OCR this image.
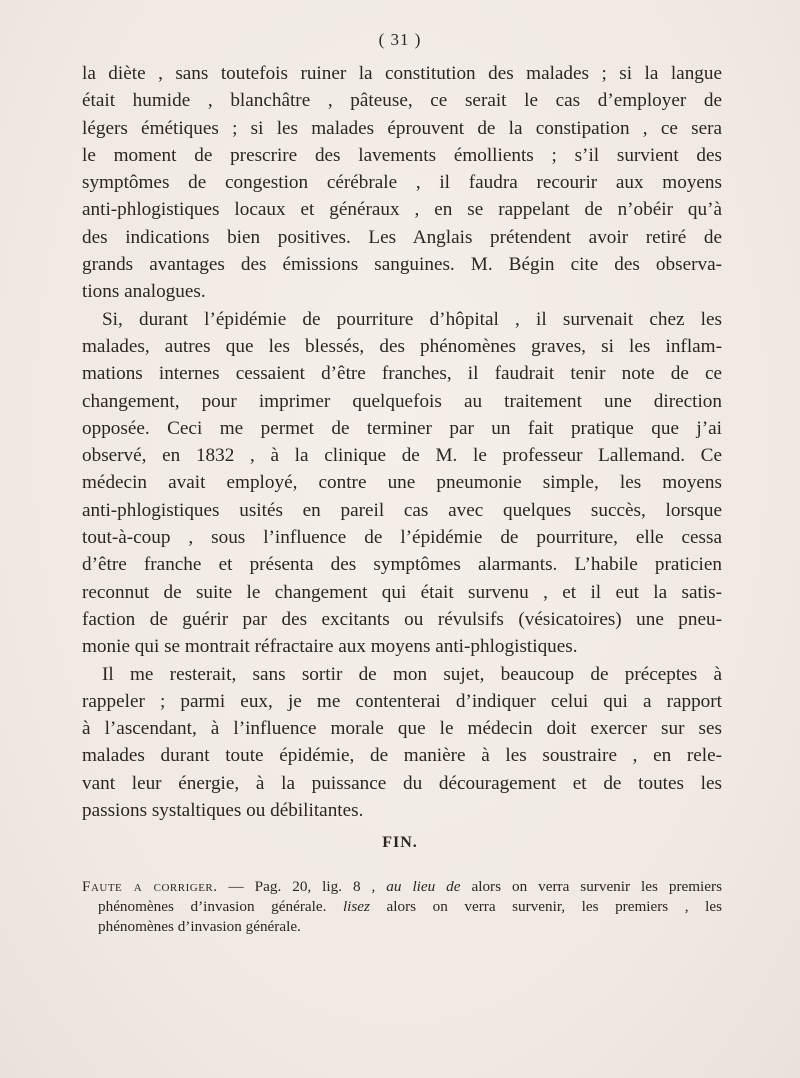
( 31 )
la diète , sans toutefois ruiner la constitution des malades ; si la langue
était humide , blanchâtre , pâteuse, ce serait le cas d’employer de
légers émétiques ; si les malades éprouvent de la constipation , ce sera
le moment de prescrire des lavements émollients ; s’il survient des
symptômes de congestion cérébrale , il faudra recourir aux moyens
anti-phlogistiques locaux et généraux , en se rappelant de n’obéir qu’à
des indications bien positives. Les Anglais prétendent avoir retiré de
grands avantages des émissions sanguines. M. Bégin cite des observa-
tions analogues.
Si, durant l’épidémie de pourriture d’hôpital , il survenait chez les
malades, autres que les blessés, des phénomènes graves, si les inflam-
mations internes cessaient d’être franches, il faudrait tenir note de ce
changement, pour imprimer quelquefois au traitement une direction
opposée. Ceci me permet de terminer par un fait pratique que j’ai
observé, en 1832 , à la clinique de M. le professeur Lallemand. Ce
médecin avait employé, contre une pneumonie simple, les moyens
anti-phlogistiques usités en pareil cas avec quelques succès, lorsque
tout-à-coup , sous l’influence de l’épidémie de pourriture, elle cessa
d’être franche et présenta des symptômes alarmants. L’habile praticien
reconnut de suite le changement qui était survenu , et il eut la satis-
faction de guérir par des excitants ou révulsifs (vésicatoires) une pneu-
monie qui se montrait réfractaire aux moyens anti-phlogistiques.
Il me resterait, sans sortir de mon sujet, beaucoup de préceptes à
rappeler ; parmi eux, je me contenterai d’indiquer celui qui a rapport
à l’ascendant, à l’influence morale que le médecin doit exercer sur ses
malades durant toute épidémie, de manière à les soustraire , en rele-
vant leur énergie, à la puissance du découragement et de toutes les
passions systaltiques ou débilitantes.
FIN.
Faute a corriger. — Pag. 20, lig. 8 , au lieu de alors on verra survenir les premiers
phénomènes d’invasion générale. lisez alors on verra survenir, les premiers , les
phénomènes d’invasion générale.
